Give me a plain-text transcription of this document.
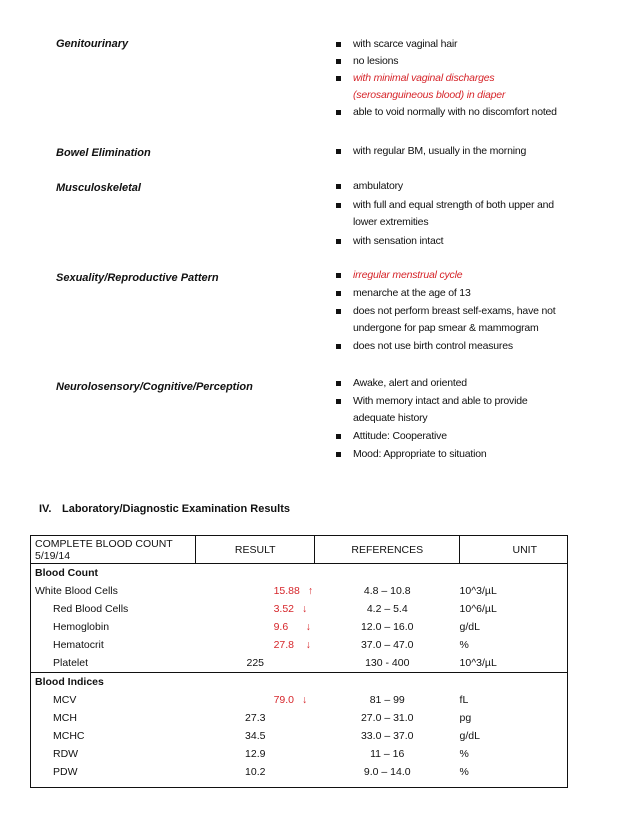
Genitourinary	with scarce vaginal hair
no lesions
with minimal vaginal discharges (serosanguineous blood) in diaper
able to void normally with no discomfort noted
Bowel Elimination	with regular BM, usually in the morning
Musculoskeletal	ambulatory
with full and equal strength of both upper and lower extremities
with sensation intact
Sexuality/Reproductive Pattern	irregular menstrual cycle
menarche at the age of 13
does not perform breast self-exams, have not undergone for pap smear & mammogram
does not use birth control measures
Neurolosensory/Cognitive/Perception	Awake, alert and oriented
With memory intact and able to provide adequate history
Attitude: Cooperative
Mood: Appropriate to situation
IV. Laboratory/Diagnostic Examination Results
COMPLETE BLOOD COUNT 5/19/14	RESULT	REFERENCES	UNIT
Blood Count			
White Blood Cells	15.88 ↑	4.8 – 10.8	10^3/µL
Red Blood Cells	3.52 ↓	4.2 – 5.4	10^6/µL
Hemoglobin	9.6 ↓	12.0 – 16.0	g/dL
Hematocrit	27.8 ↓	37.0 – 47.0	%
Platelet	225	130 - 400	10^3/µL
Blood Indices			
MCV	79.0 ↓	81 – 99	fL
MCH	27.3	27.0 – 31.0	pg
MCHC	34.5	33.0 – 37.0	g/dL
RDW	12.9	11 – 16	%
PDW	10.2	9.0 – 14.0	%
